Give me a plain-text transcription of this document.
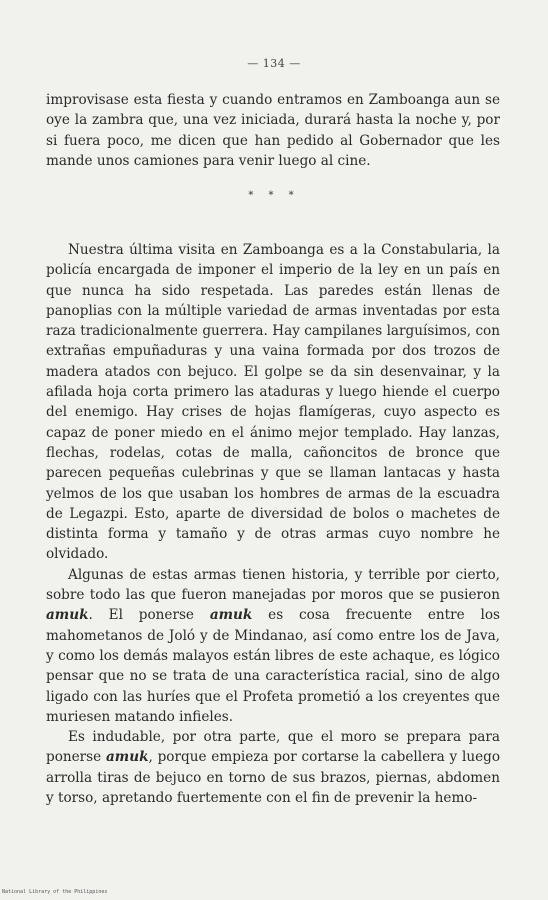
— 134 —

improvisase esta fiesta y cuando entramos en Zamboanga aun se oye la zambra que, una vez iniciada, durará hasta la noche y, por si fuera poco, me dicen que han pedido al Gobernador que les mande unos camiones para venir luego al cine.

* * *

Nuestra última visita en Zamboanga es a la Constabularia, la policía encargada de imponer el imperio de la ley en un país en que nunca ha sido respetada. Las paredes están llenas de panoplias con la múltiple variedad de armas inventadas por esta raza tradicionalmente guerrera. Hay campilanes larguísimos, con extrañas empuñaduras y una vaina formada por dos trozos de madera atados con bejuco. El golpe se da sin desenvainar, y la afilada hoja corta primero las ataduras y luego hiende el cuerpo del enemigo. Hay crises de hojas flamígeras, cuyo aspecto es capaz de poner miedo en el ánimo mejor templado. Hay lanzas, flechas, rodelas, cotas de malla, cañoncitos de bronce que parecen pequeñas culebrinas y que se llaman lantacas y hasta yelmos de los que usaban los hombres de armas de la escuadra de Legazpi. Esto, aparte de diversidad de bolos o machetes de distinta forma y tamaño y de otras armas cuyo nombre he olvidado.

Algunas de estas armas tienen historia, y terrible por cierto, sobre todo las que fueron manejadas por moros que se pusieron amuk. El ponerse amuk es cosa frecuente entre los mahometanos de Joló y de Mindanao, así como entre los de Java, y como los demás malayos están libres de este achaque, es lógico pensar que no se trata de una característica racial, sino de algo ligado con las huríes que el Profeta prometió a los creyentes que muriesen matando infieles.

Es indudable, por otra parte, que el moro se prepara para ponerse amuk, porque empieza por cortarse la cabellera y luego arrolla tiras de bejuco en torno de sus brazos, piernas, abdomen y torso, apretando fuertemente con el fin de prevenir la hemo-

National Library of the Philippines
